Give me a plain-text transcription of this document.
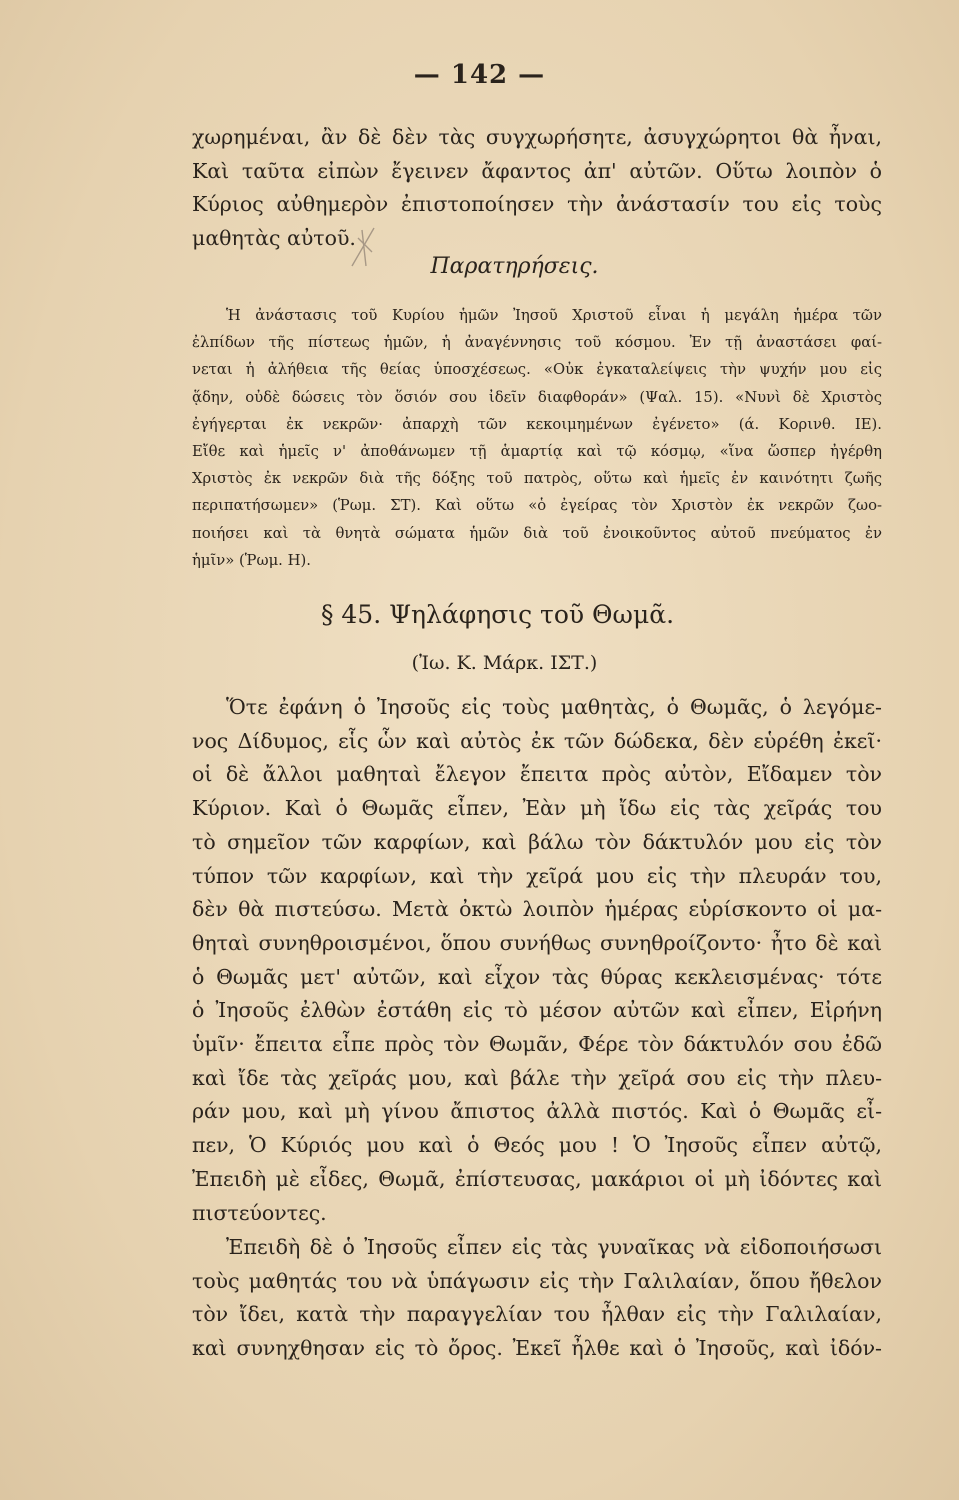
— 142 —
χωρημέναι, ἂν δὲ δὲν τὰς συγχωρήσητε, ἀσυγχώρητοι θὰ ἦναι,
Καὶ ταῦτα εἰπὼν ἔγεινεν ἄφαντος ἀπ' αὐτῶν. Οὕτω λοιπὸν ὁ
Κύριος αὐθημερὸν ἐπιστοποίησεν τὴν ἀνάστασίν του εἰς τοὺς
μαθητὰς αὐτοῦ.
Παρατηρήσεις.
Ἡ ἀνάστασις τοῦ Κυρίου ἡμῶν Ἰησοῦ Χριστοῦ εἶναι ἡ μεγάλη ἡμέρα τῶν
ἐλπίδων τῆς πίστεως ἡμῶν, ἡ ἀναγέννησις τοῦ κόσμου. Ἐν τῇ ἀναστάσει φαί-
νεται ἡ ἀλήθεια τῆς θείας ὑποσχέσεως. «Οὐκ ἐγκαταλείψεις τὴν ψυχήν μου εἰς
ᾅδην, οὐδὲ δώσεις τὸν ὅσιόν σου ἰδεῖν διαφθοράν» (Ψαλ. 15). «Νυνὶ δὲ Χριστὸς
ἐγήγερται ἐκ νεκρῶν· ἀπαρχὴ τῶν κεκοιμημένων ἐγένετο» (ά. Κορινθ. ΙΕ).
Εἴθε καὶ ἡμεῖς ν' ἀποθάνωμεν τῇ ἁμαρτίᾳ καὶ τῷ κόσμῳ, «ἵνα ὥσπερ ἠγέρθη
Χριστὸς ἐκ νεκρῶν διὰ τῆς δόξης τοῦ πατρὸς, οὕτω καὶ ἡμεῖς ἐν καινότητι ζωῆς
περιπατήσωμεν» (Ῥωμ. ΣΤ). Καὶ οὕτω «ὁ ἐγείρας τὸν Χριστὸν ἐκ νεκρῶν ζωο-
ποιήσει καὶ τὰ θνητὰ σώματα ἡμῶν διὰ τοῦ ἐνοικοῦντος αὐτοῦ πνεύματος ἐν
ἡμῖν» (Ῥωμ. Η).
§ 45. Ψηλάφησις τοῦ Θωμᾶ.
(Ἰω. Κ. Μάρκ. ΙΣΤ.)
Ὅτε ἐφάνη ὁ Ἰησοῦς εἰς τοὺς μαθητὰς, ὁ Θωμᾶς, ὁ λεγόμε-
νος Δίδυμος, εἷς ὧν καὶ αὐτὸς ἐκ τῶν δώδεκα, δὲν εὑρέθη ἐκεῖ·
οἱ δὲ ἄλλοι μαθηταὶ ἔλεγον ἔπειτα πρὸς αὐτὸν, Εἴδαμεν τὸν
Κύριον. Καὶ ὁ Θωμᾶς εἶπεν, Ἐὰν μὴ ἴδω εἰς τὰς χεῖράς του
τὸ σημεῖον τῶν καρφίων, καὶ βάλω τὸν δάκτυλόν μου εἰς τὸν
τύπον τῶν καρφίων, καὶ τὴν χεῖρά μου εἰς τὴν πλευράν του,
δὲν θὰ πιστεύσω. Μετὰ ὀκτὼ λοιπὸν ἡμέρας εὑρίσκοντο οἱ μα-
θηταὶ συνηθροισμένοι, ὅπου συνήθως συνηθροίζοντο· ἦτο δὲ καὶ
ὁ Θωμᾶς μετ' αὐτῶν, καὶ εἶχον τὰς θύρας κεκλεισμένας· τότε
ὁ Ἰησοῦς ἐλθὼν ἐστάθη εἰς τὸ μέσον αὐτῶν καὶ εἶπεν, Εἰρήνη
ὑμῖν· ἔπειτα εἶπε πρὸς τὸν Θωμᾶν, Φέρε τὸν δάκτυλόν σου ἐδῶ
καὶ ἴδε τὰς χεῖράς μου, καὶ βάλε τὴν χεῖρά σου εἰς τὴν πλευ-
ράν μου, καὶ μὴ γίνου ἄπιστος ἀλλὰ πιστός. Καὶ ὁ Θωμᾶς εἶ-
πεν, Ὁ Κύριός μου καὶ ὁ Θεός μου ! Ὁ Ἰησοῦς εἶπεν αὐτῷ,
Ἐπειδὴ μὲ εἶδες, Θωμᾶ, ἐπίστευσας, μακάριοι οἱ μὴ ἰδόντες καὶ
πιστεύοντες.
Ἐπειδὴ δὲ ὁ Ἰησοῦς εἶπεν εἰς τὰς γυναῖκας νὰ εἰδοποιήσωσι
τοὺς μαθητάς του νὰ ὑπάγωσιν εἰς τὴν Γαλιλαίαν, ὅπου ἤθελον
τὸν ἴδει, κατὰ τὴν παραγγελίαν του ἦλθαν εἰς τὴν Γαλιλαίαν,
καὶ συνηχθησαν εἰς τὸ ὄρος. Ἐκεῖ ἦλθε καὶ ὁ Ἰησοῦς, καὶ ἰδόν-
